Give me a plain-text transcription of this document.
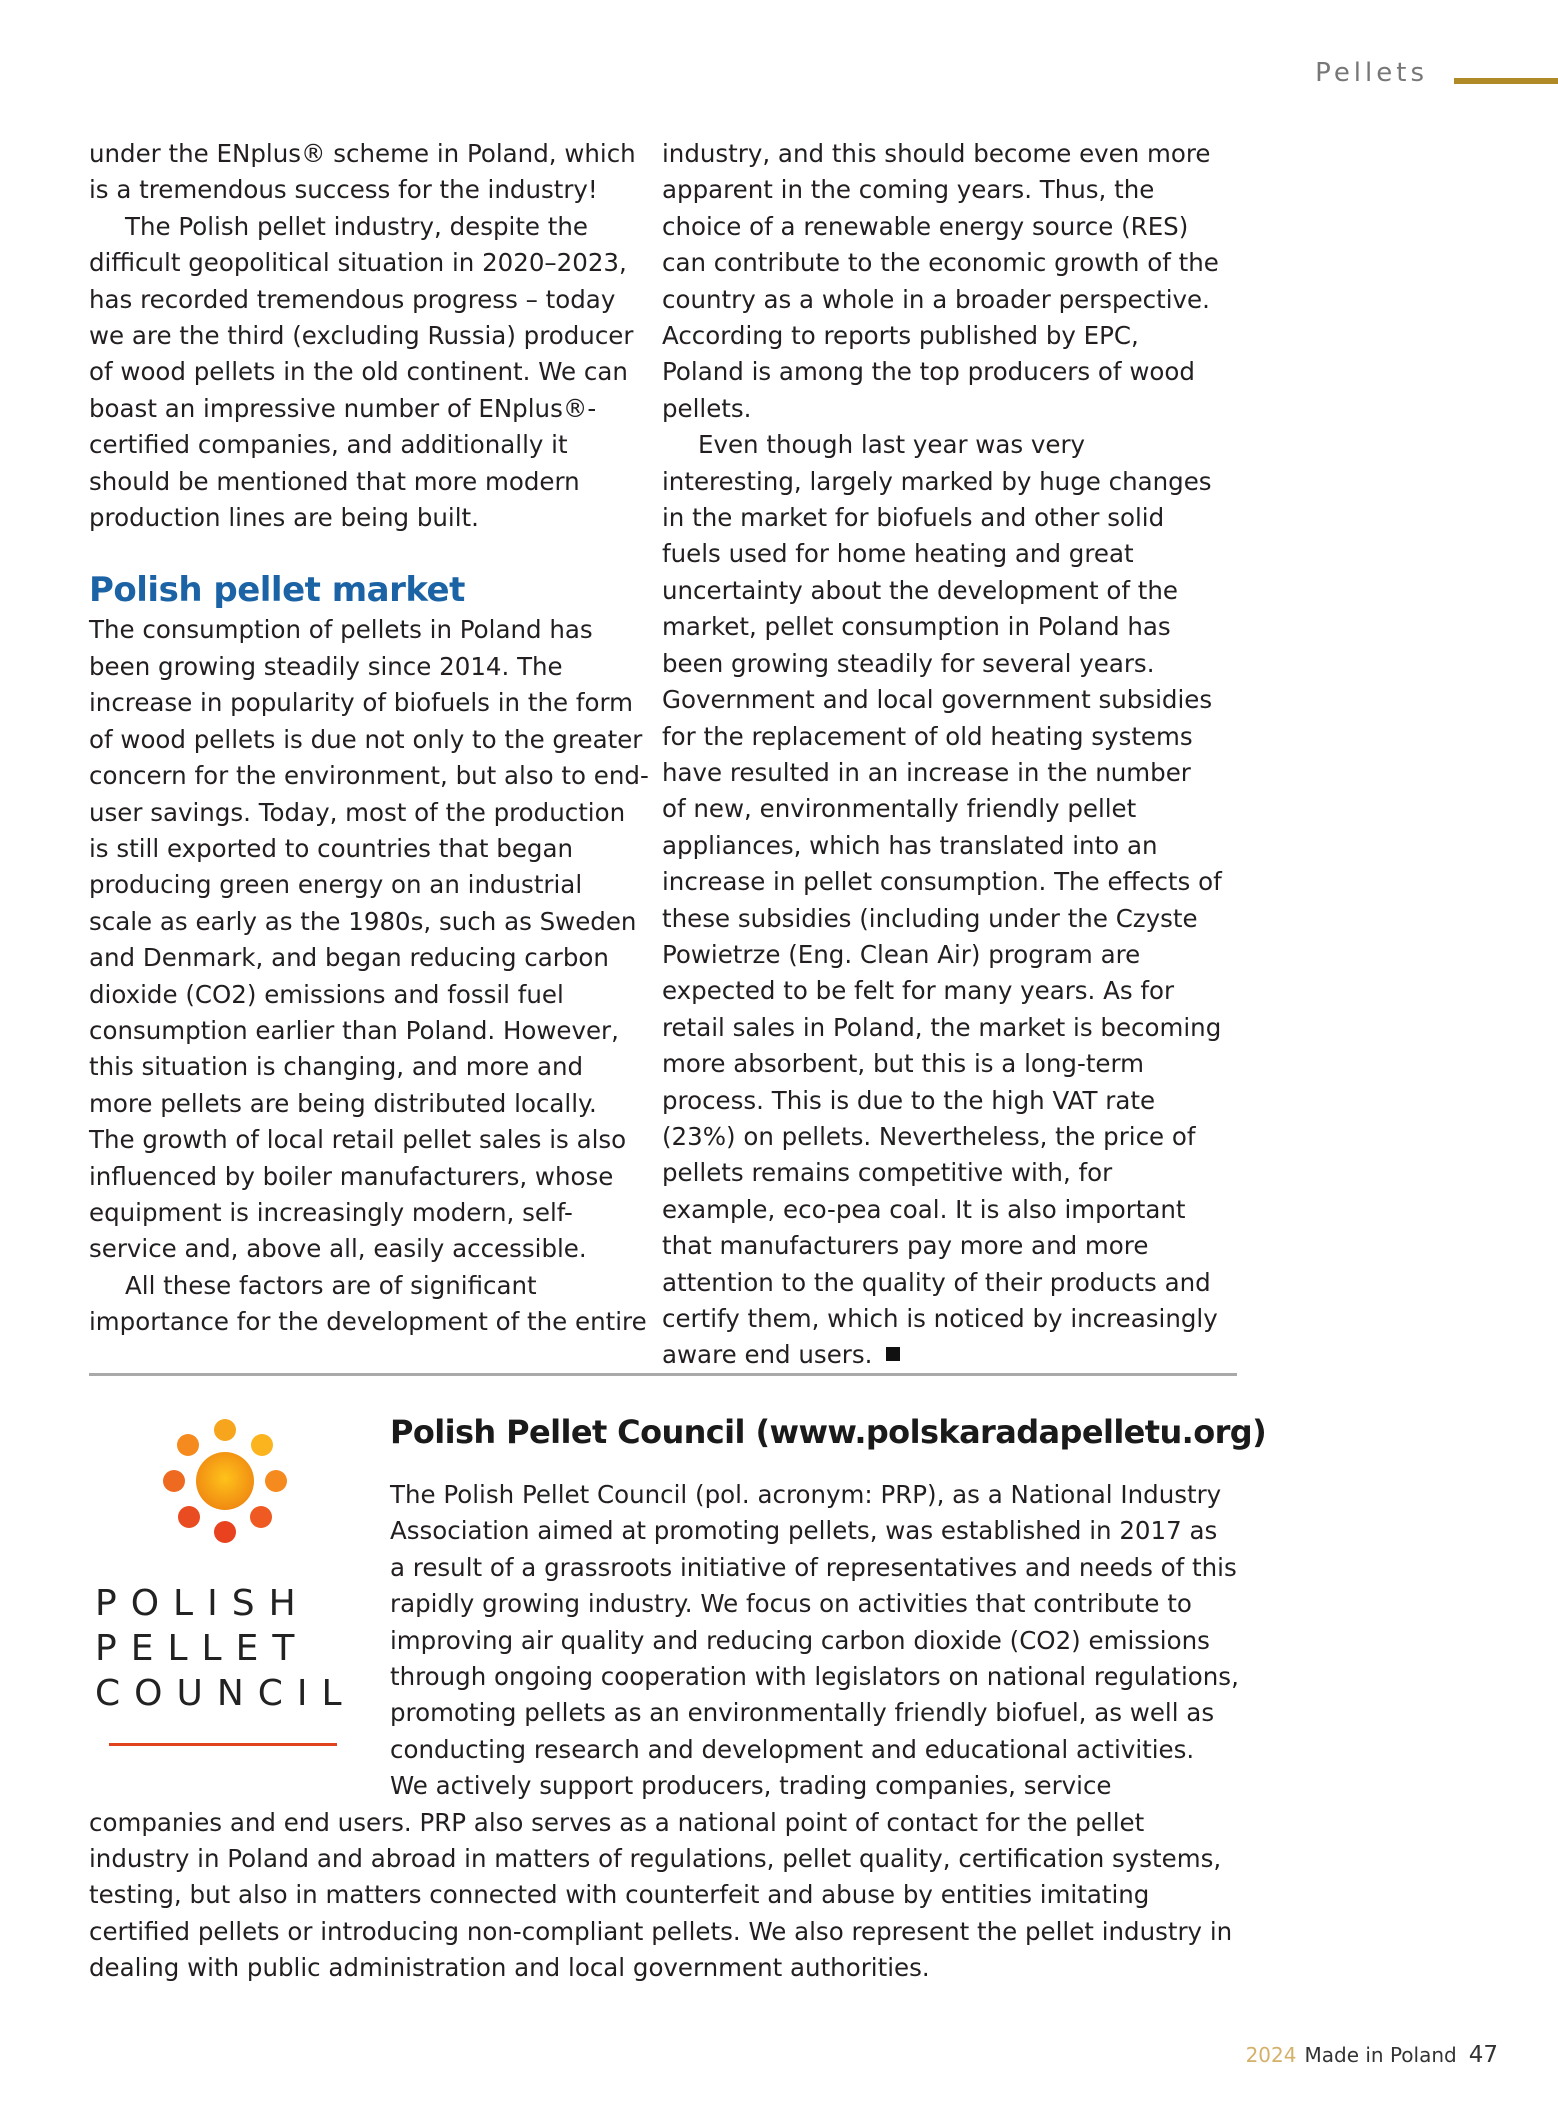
Pellets

under the ENplus® scheme in Poland, which is a tremendous success for the industry!

The Polish pellet industry, despite the difficult geopolitical situation in 2020–2023, has recorded tremendous progress – today we are the third (excluding Russia) producer of wood pellets in the old continent. We can boast an impressive number of ENplus®-certified companies, and additionally it should be mentioned that more modern production lines are being built.

Polish pellet market

The consumption of pellets in Poland has been growing steadily since 2014. The increase in popularity of biofuels in the form of wood pellets is due not only to the greater concern for the environment, but also to end-user savings. Today, most of the production is still exported to countries that began producing green energy on an industrial scale as early as the 1980s, such as Sweden and Denmark, and began reducing carbon dioxide (CO2) emissions and fossil fuel consumption earlier than Poland. However, this situation is changing, and more and more pellets are being distributed locally. The growth of local retail pellet sales is also influenced by boiler manufacturers, whose equipment is increasingly modern, self-service and, above all, easily accessible.

All these factors are of significant importance for the development of the entire

industry, and this should become even more apparent in the coming years. Thus, the choice of a renewable energy source (RES) can contribute to the economic growth of the country as a whole in a broader perspective. According to reports published by EPC, Poland is among the top producers of wood pellets.

Even though last year was very interesting, largely marked by huge changes in the market for biofuels and other solid fuels used for home heating and great uncertainty about the development of the market, pellet consumption in Poland has been growing steadily for several years. Government and local government subsidies for the replacement of old heating systems have resulted in an increase in the number of new, environmentally friendly pellet appliances, which has translated into an increase in pellet consumption. The effects of these subsidies (including under the Czyste Powietrze (Eng. Clean Air) program are expected to be felt for many years. As for retail sales in Poland, the market is becoming more absorbent, but this is a long-term process. This is due to the high VAT rate (23%) on pellets. Nevertheless, the price of pellets remains competitive with, for example, eco-pea coal. It is also important that manufacturers pay more and more attention to the quality of their products and certify them, which is noticed by increasingly aware end users.

POLISH
PELLET
COUNCIL
Polish Pellet Council (www.polskaradapelletu.org)
The Polish Pellet Council (pol. acronym: PRP), as a National Industry Association aimed at promoting pellets, was established in 2017 as a result of a grassroots initiative of representatives and needs of this rapidly growing industry. We focus on activities that contribute to improving air quality and reducing carbon dioxide (CO2) emissions through ongoing cooperation with legislators on national regulations, promoting pellets as an environmentally friendly biofuel, as well as conducting research and development and educational activities. We actively support producers, trading companies, service companies and end users. PRP also serves as a national point of contact for the pellet industry in Poland and abroad in matters of regulations, pellet quality, certification systems, testing, but also in matters connected with counterfeit and abuse by entities imitating certified pellets or introducing non-compliant pellets. We also represent the pellet industry in dealing with public administration and local government authorities.
2024 Made in Poland 47
